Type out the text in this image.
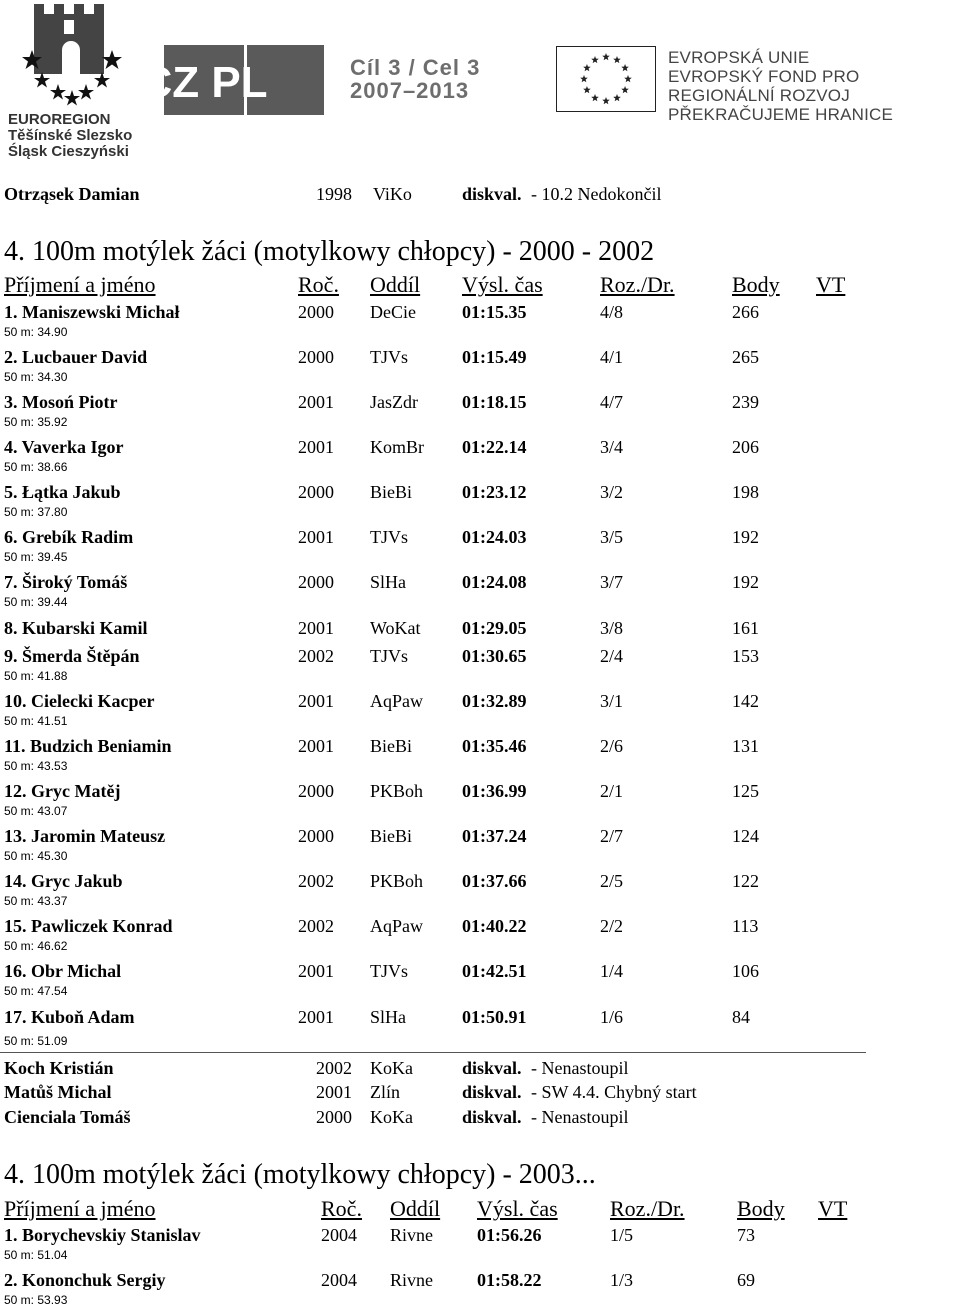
EUROREGION
Těšínské Slezsko
Śląsk Cieszyński
CZ PL	Cíl 3 / Cel 3
2007–2013
EVROPSKÁ UNIE
EVROPSKÝ FOND PRO REGIONÁLNÍ ROZVOJ
PŘEKRAČUJEME HRANICE
Otrząsek Damian	1998 ViKo	diskval. - 10.2 Nedokončil
4. 100m motýlek žáci (motylkowy chłopcy) - 2000 - 2002
Příjmení a jméno	Roč. Oddíl Výsl. čas	Roz./Dr.	Body VT
1. Maniszewski Michał	2000 DeCie	01:15.35	4/8	266
50 m: 34.90
2. Lucbauer David	2000 TJVs	01:15.49	4/1	265
50 m: 34.30
3. Mosoń Piotr	2001 JasZdr 01:18.15	4/7	239
50 m: 35.92
4. Vaverka Igor	2001 KomBr 01:22.14	3/4	206
50 m: 38.66
5. Łątka Jakub	2000 BieBi	01:23.12	3/2	198
50 m: 37.80
6. Grebík Radim	2001 TJVs	01:24.03	3/5	192
50 m: 39.45
7. Široký Tomáš	2000 SlHa	01:24.08	3/7	192
50 m: 39.44
8. Kubarski Kamil	2001 WoKat 01:29.05	3/8	161
9. Šmerda Štěpán	2002 TJVs	01:30.65	2/4	153
50 m: 41.88
10. Cielecki Kacper	2001 AqPaw 01:32.89	3/1	142
50 m: 41.51
11. Budzich Beniamin	2001 BieBi	01:35.46	2/6	131
50 m: 43.53
12. Gryc Matěj	2000 PKBoh 01:36.99	2/1	125
50 m: 43.07
13. Jaromin Mateusz	2000 BieBi	01:37.24	2/7	124
50 m: 45.30
14. Gryc Jakub	2002 PKBoh 01:37.66	2/5	122
50 m: 43.37
15. Pawliczek Konrad	2002 AqPaw 01:40.22	2/2	113
50 m: 46.62
16. Obr Michal	2001 TJVs	01:42.51	1/4	106
50 m: 47.54
17. Kuboň Adam	2001 SlHa	01:50.91	1/6	84
50 m: 51.09
Koch Kristián	2002 KoKa	diskval. - Nenastoupil
Matůš Michal	2001 Zlín	diskval. - SW 4.4. Chybný start
Cienciala Tomáš	2000 KoKa	diskval. - Nenastoupil
4. 100m motýlek žáci (motylkowy chłopcy) - 2003...
Příjmení a jméno	Roč. Oddíl Výsl. čas Roz./Dr. Body VT
1. Borychevskiy Stanislav	2004 Rivne 01:56.26	1/5	73
50 m: 51.04
2. Kononchuk Sergiy	2004 Rivne 01:58.22	1/3	69
50 m: 53.93
